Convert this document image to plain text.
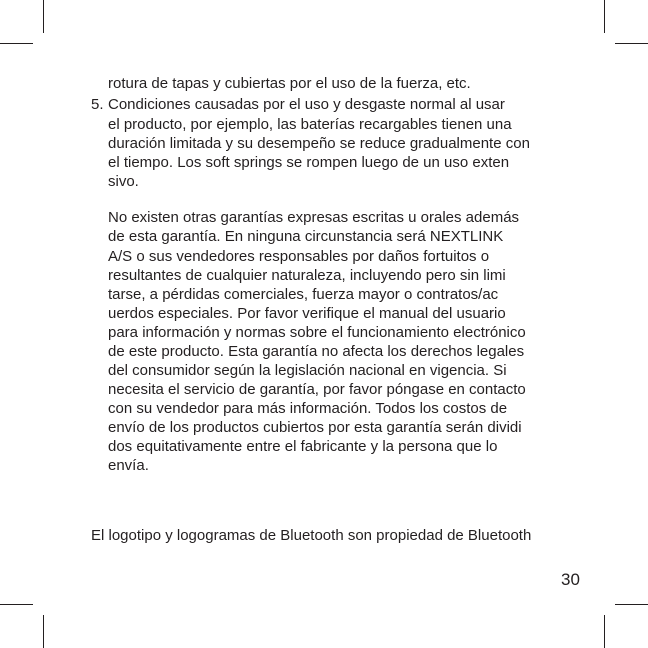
rotura de tapas y cubiertas por el uso de la fuerza, etc.
5. Condiciones causadas por el uso y desgaste normal al usar
el producto, por ejemplo, las baterías recargables tienen una
duración limitada y su desempeño se reduce gradualmente con
el tiempo. Los soft springs se rompen luego de un uso exten
sivo.
No existen otras garantías expresas escritas u orales además
de esta garantía. En ninguna circunstancia será NEXTLINK
A/S o sus vendedores responsables por daños fortuitos o
resultantes de cualquier naturaleza, incluyendo pero sin limi
tarse, a pérdidas comerciales, fuerza mayor o contratos/ac
uerdos especiales. Por favor verifique el manual del usuario
para información y normas sobre el funcionamiento electrónico
de este producto. Esta garantía no afecta los derechos legales
del consumidor según la legislación nacional en vigencia. Si
necesita el servicio de garantía, por favor póngase en contacto
con su vendedor para más información. Todos los costos de
envío de los productos cubiertos por esta garantía serán dividi
dos equitativamente entre el fabricante y la persona que lo
envía.
El logotipo y logogramas de Bluetooth son propiedad de Bluetooth
30
